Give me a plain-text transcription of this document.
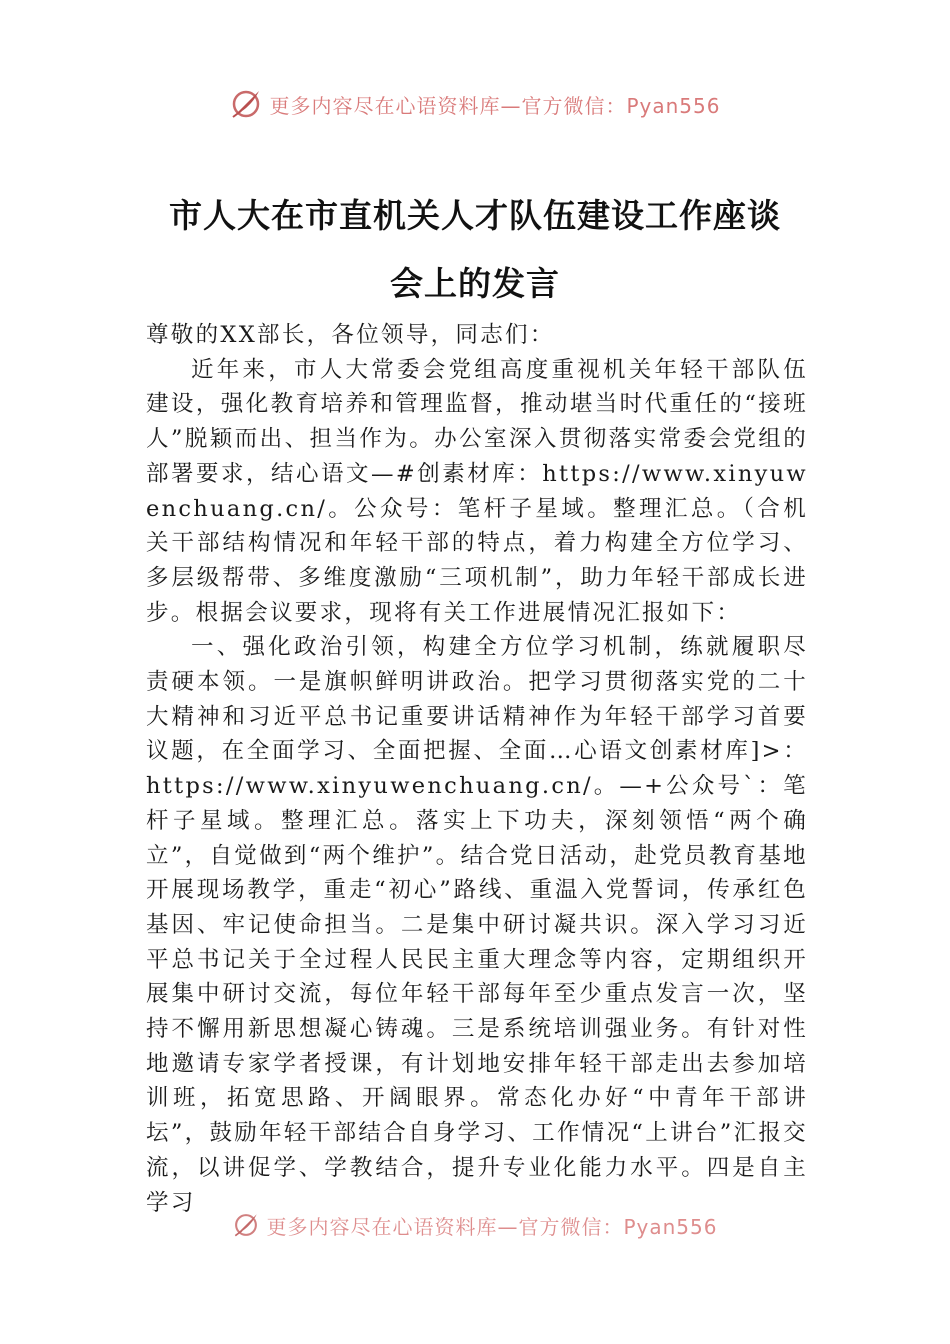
更多内容尽在心语资料库—官方微信：Pyan556
市人大在市直机关人才队伍建设工作座谈
会上的发言

尊敬的XX部长，各位领导，同志们：

近年来，市人大常委会党组高度重视机关年轻干部队伍建设，强化教育培养和管理监督，推动堪当时代重任的“接班人”脱颖而出、担当作为。办公室深入贯彻落实常委会党组的部署要求，结心语文—#创素材库：https://www.xinyuwenchuang.cn/。公众号：笔杆子星域。整理汇总。（合机关干部结构情况和年轻干部的特点，着力构建全方位学习、多层级帮带、多维度激励“三项机制”，助力年轻干部成长进步。根据会议要求，现将有关工作进展情况汇报如下：

一、强化政治引领，构建全方位学习机制，练就履职尽责硬本领。一是旗帜鲜明讲政治。把学习贯彻落实党的二十大精神和习近平总书记重要讲话精神作为年轻干部学习首要议题，在全面学习、全面把握、全面…心语文创素材库]>：https://www.xinyuwenchuang.cn/。—+公众号`：笔杆子星域。整理汇总。落实上下功夫，深刻领悟“两个确立”，自觉做到“两个维护”。结合党日活动，赴党员教育基地开展现场教学，重走“初心”路线、重温入党誓词，传承红色基因、牢记使命担当。二是集中研讨凝共识。深入学习习近平总书记关于全过程人民民主重大理念等内容，定期组织开展集中研讨交流，每位年轻干部每年至少重点发言一次，坚持不懈用新思想凝心铸魂。三是系统培训强业务。有针对性地邀请专家学者授课，有计划地安排年轻干部走出去参加培训班，拓宽思路、开阔眼界。常态化办好“中青年干部讲坛”，鼓励年轻干部结合自身学习、工作情况“上讲台”汇报交流，以讲促学、学教结合，提升专业化能力水平。四是自主学习

更多内容尽在心语资料库—官方微信：Pyan556
